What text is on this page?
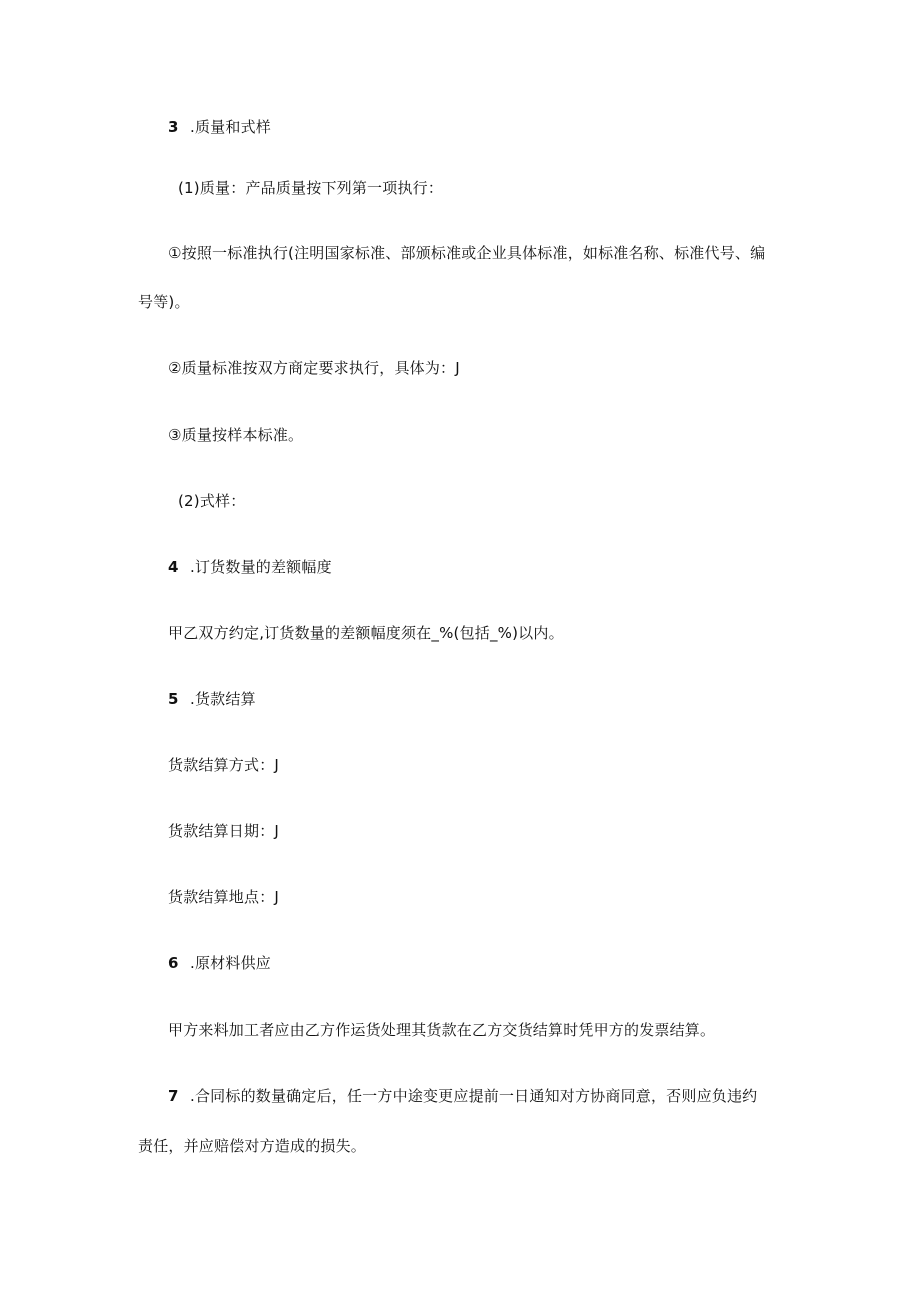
3 .质量和式样
(1)质量：产品质量按下列第一项执行：
①按照一标准执行(注明国家标准、部颁标准或企业具体标准，如标准名称、标准代号、编
号等)。
②质量标准按双方商定要求执行，具体为：J
③质量按样本标准。
(2)式样：
4 .订货数量的差额幅度
甲乙双方约定,订货数量的差额幅度须在_%(包括_%)以内。
5 .货款结算
货款结算方式：J
货款结算日期：J
货款结算地点：J
6 .原材料供应
甲方来料加工者应由乙方作运货处理其货款在乙方交货结算时凭甲方的发票结算。
7 .合同标的数量确定后，任一方中途变更应提前一日通知对方协商同意，否则应负违约
责任，并应赔偿对方造成的损失。
